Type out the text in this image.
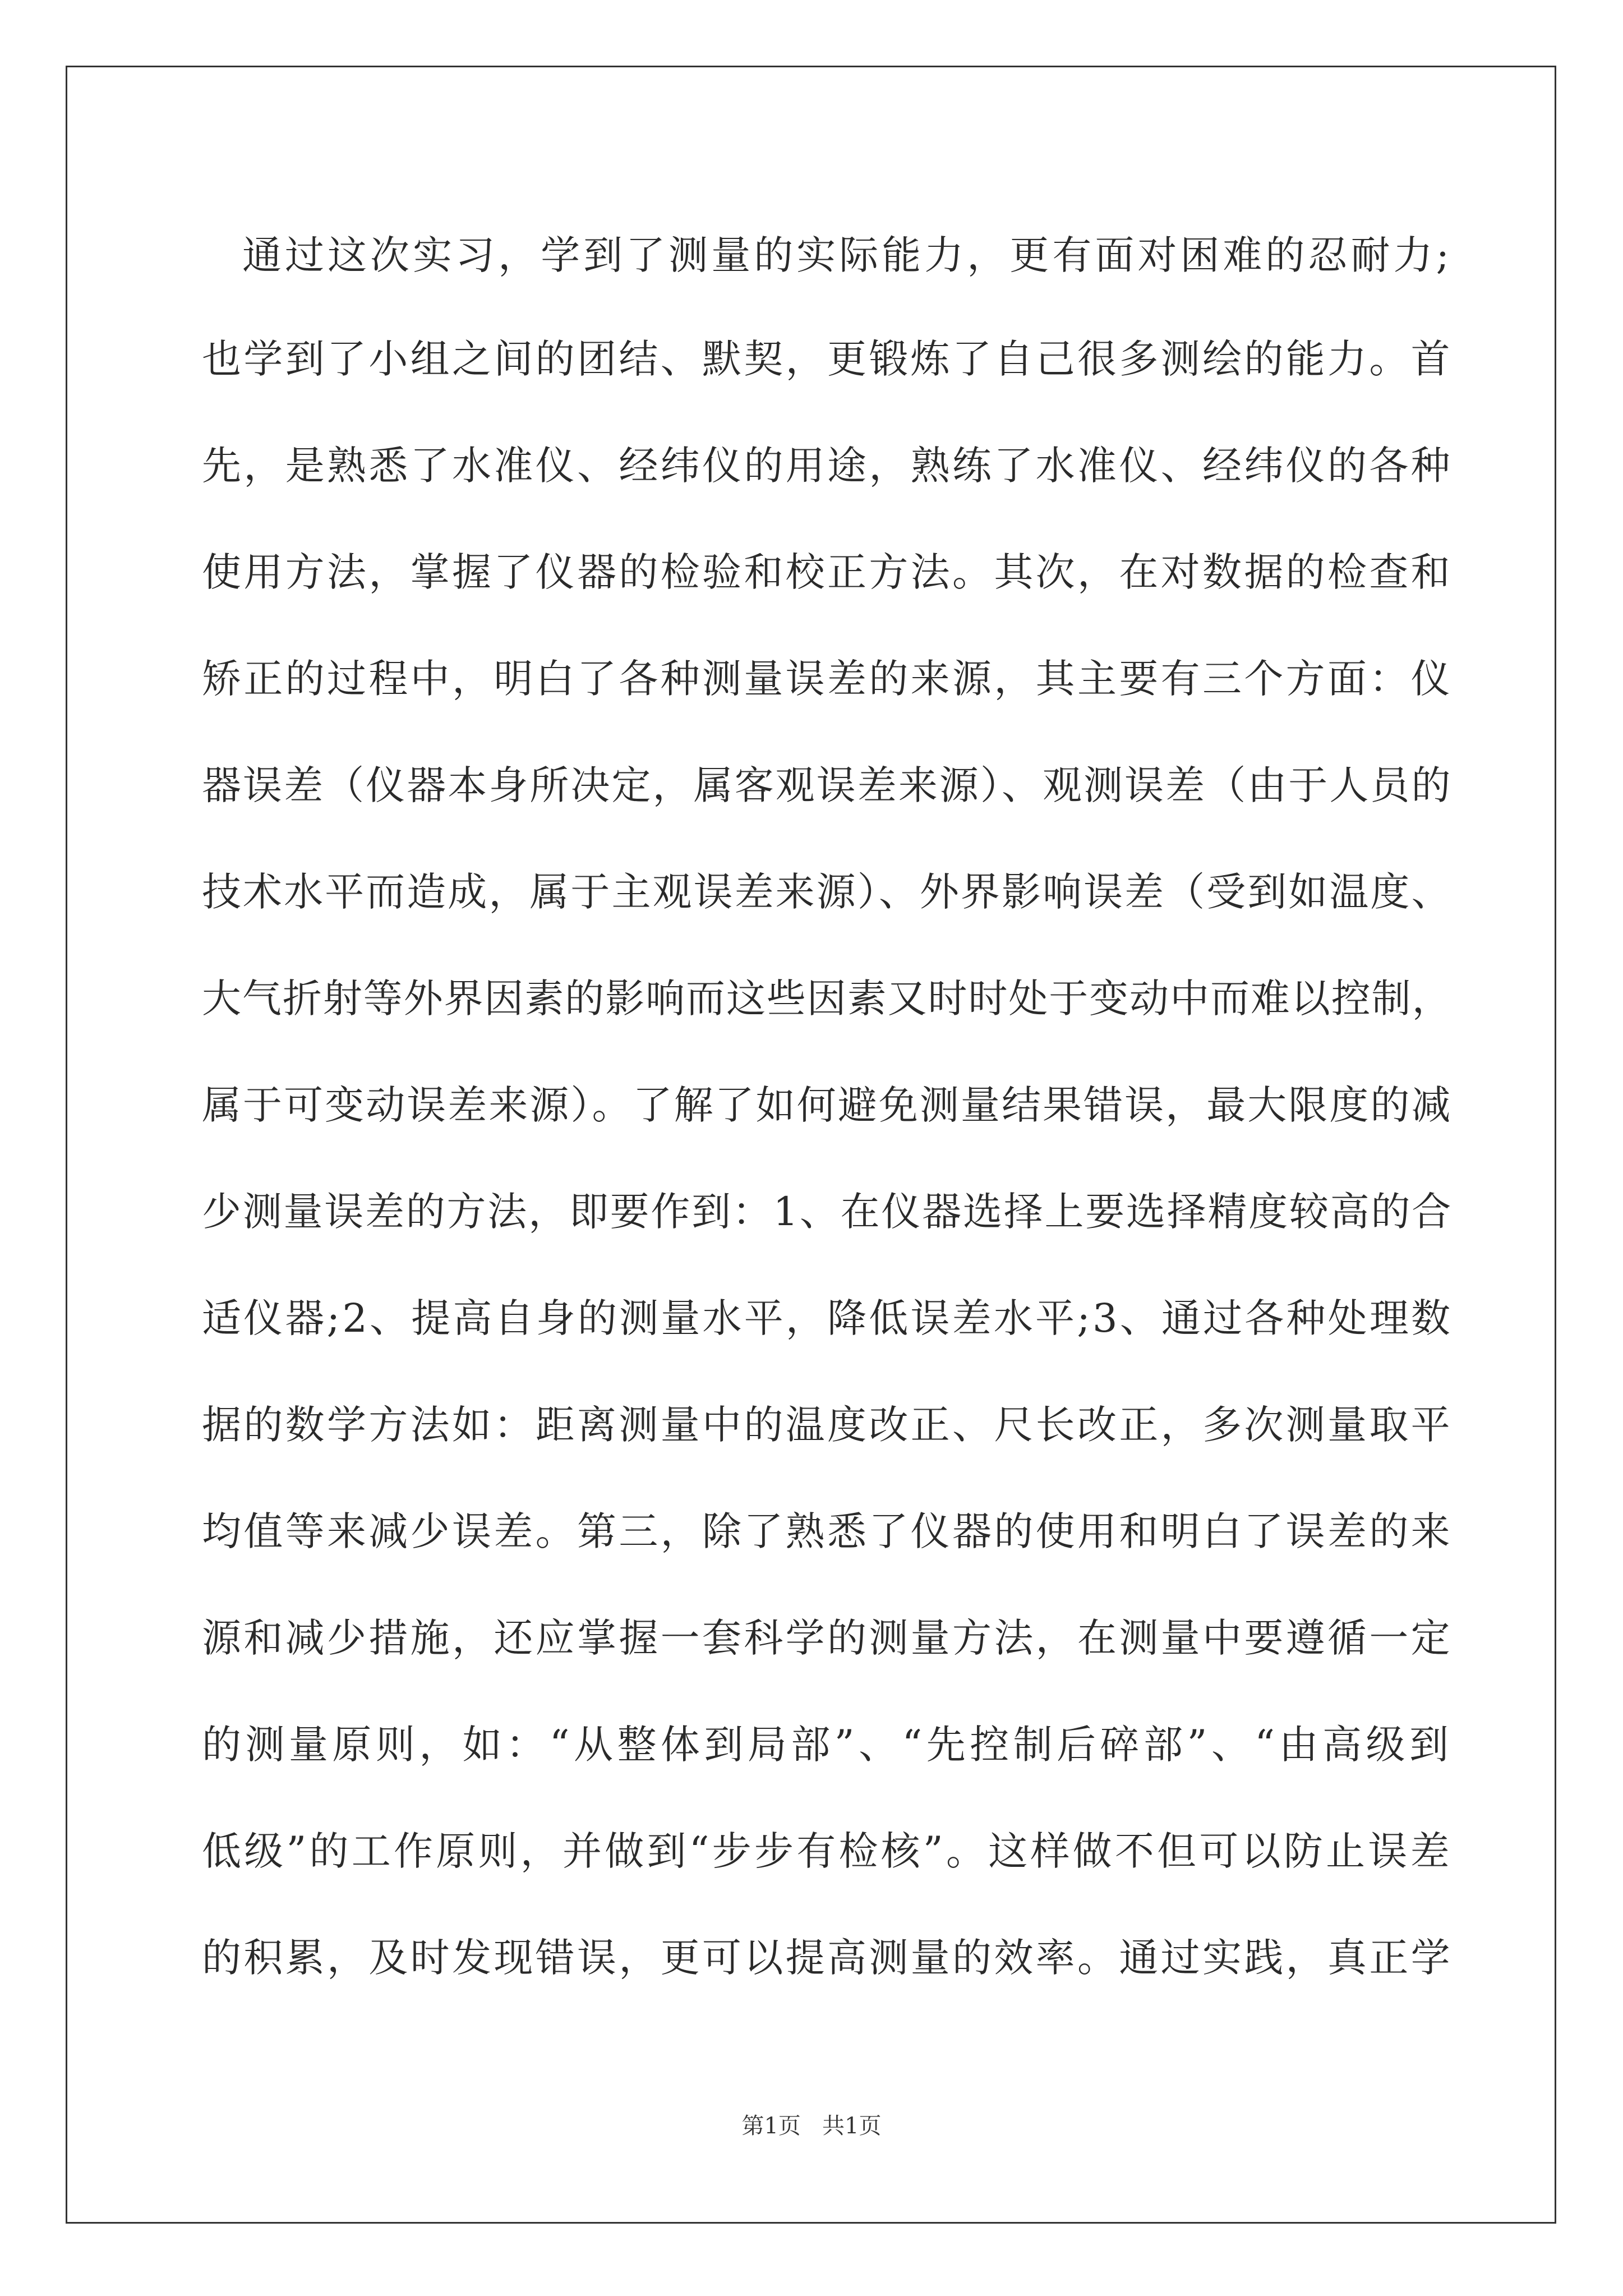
通过这次实习，学到了测量的实际能力，更有面对困难的忍耐力;
也学到了小组之间的团结、默契，更锻炼了自己很多测绘的能力。首
先，是熟悉了水准仪、经纬仪的用途，熟练了水准仪、经纬仪的各种
使用方法，掌握了仪器的检验和校正方法。其次，在对数据的检查和
矫正的过程中，明白了各种测量误差的来源，其主要有三个方面：仪
器误差（仪器本身所决定，属客观误差来源）、观测误差（由于人员的
技术水平而造成，属于主观误差来源）、外界影响误差（受到如温度、
大气折射等外界因素的影响而这些因素又时时处于变动中而难以控制，
属于可变动误差来源）。了解了如何避免测量结果错误，最大限度的减
少测量误差的方法，即要作到：1、在仪器选择上要选择精度较高的合
适仪器;2、提高自身的测量水平，降低误差水平;3、通过各种处理数
据的数学方法如：距离测量中的温度改正、尺长改正，多次测量取平
均值等来减少误差。第三，除了熟悉了仪器的使用和明白了误差的来
源和减少措施，还应掌握一套科学的测量方法，在测量中要遵循一定
的测量原则，如：“从整体到局部”、“先控制后碎部”、“由高级到
低级”的工作原则，并做到“步步有检核”。这样做不但可以防止误差
的积累，及时发现错误，更可以提高测量的效率。通过实践，真正学
第1页   共1页
